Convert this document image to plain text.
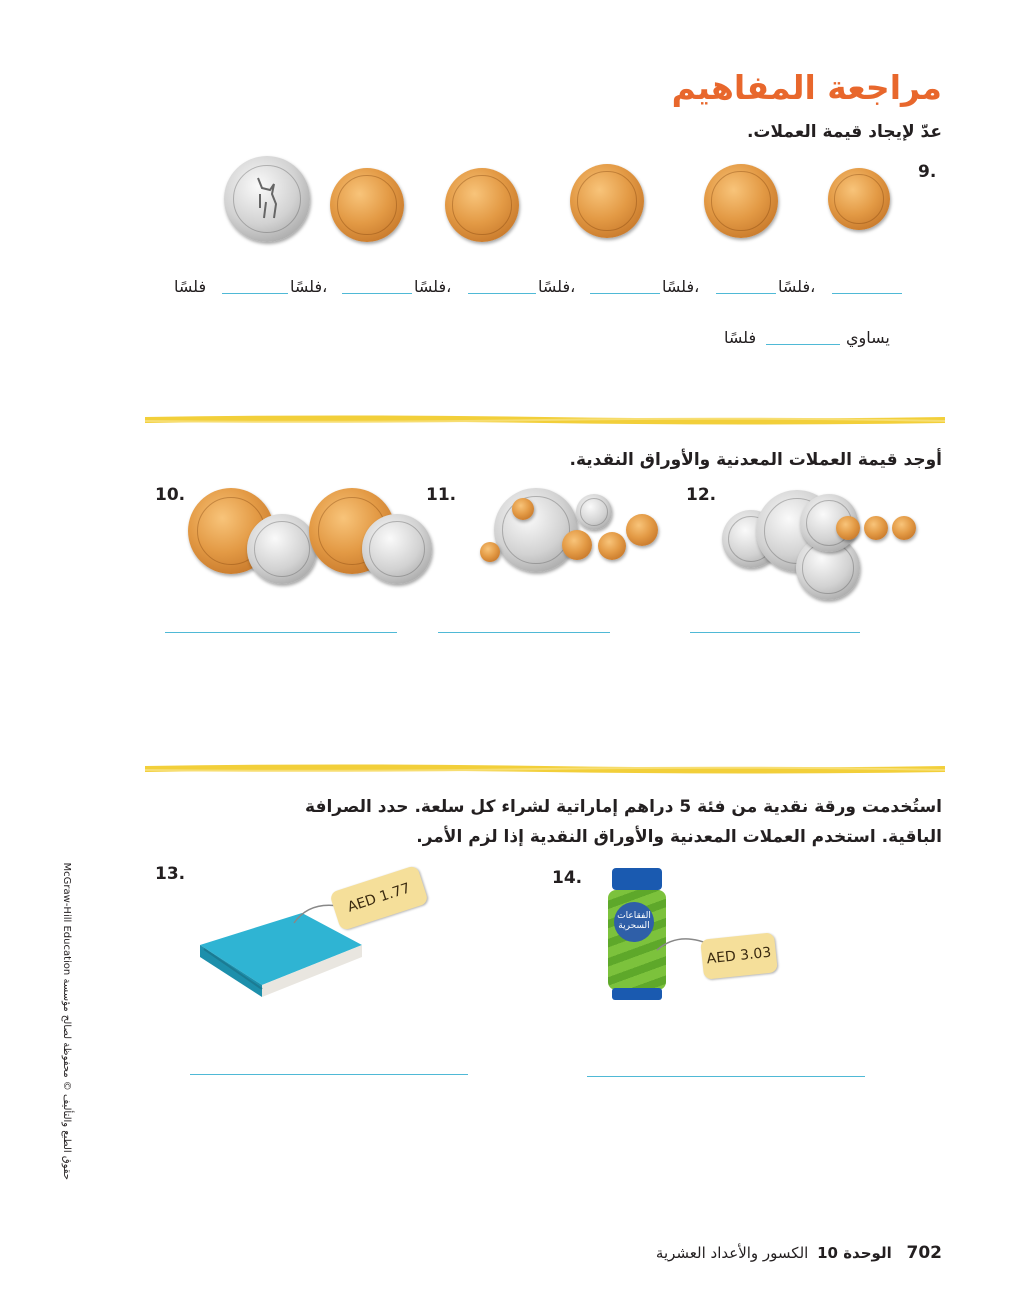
مراجعة المفاهيم
عدّ لإيجاد قيمة العملات.
9.
فلسًا،
فلسًا،
فلسًا،
فلسًا،
فلسًا،
فلسًا
يساوي
فلسًا
أوجد قيمة العملات المعدنية والأوراق النقدية.
10.	11.	12.
استُخدمت ورقة نقدية من فئة 5 دراهم إماراتية لشراء كل سلعة. حدد الصرافة
الباقية. استخدم العملات المعدنية والأوراق النقدية إذا لزم الأمر.
13.	14.
AED 1.77
الفقاعات السحرية
AED 3.03
حقوق الطبع والتأليف © محفوظة لصالح مؤسسة McGraw-Hill Education
702 الوحدة 10 الكسور والأعداد العشرية
